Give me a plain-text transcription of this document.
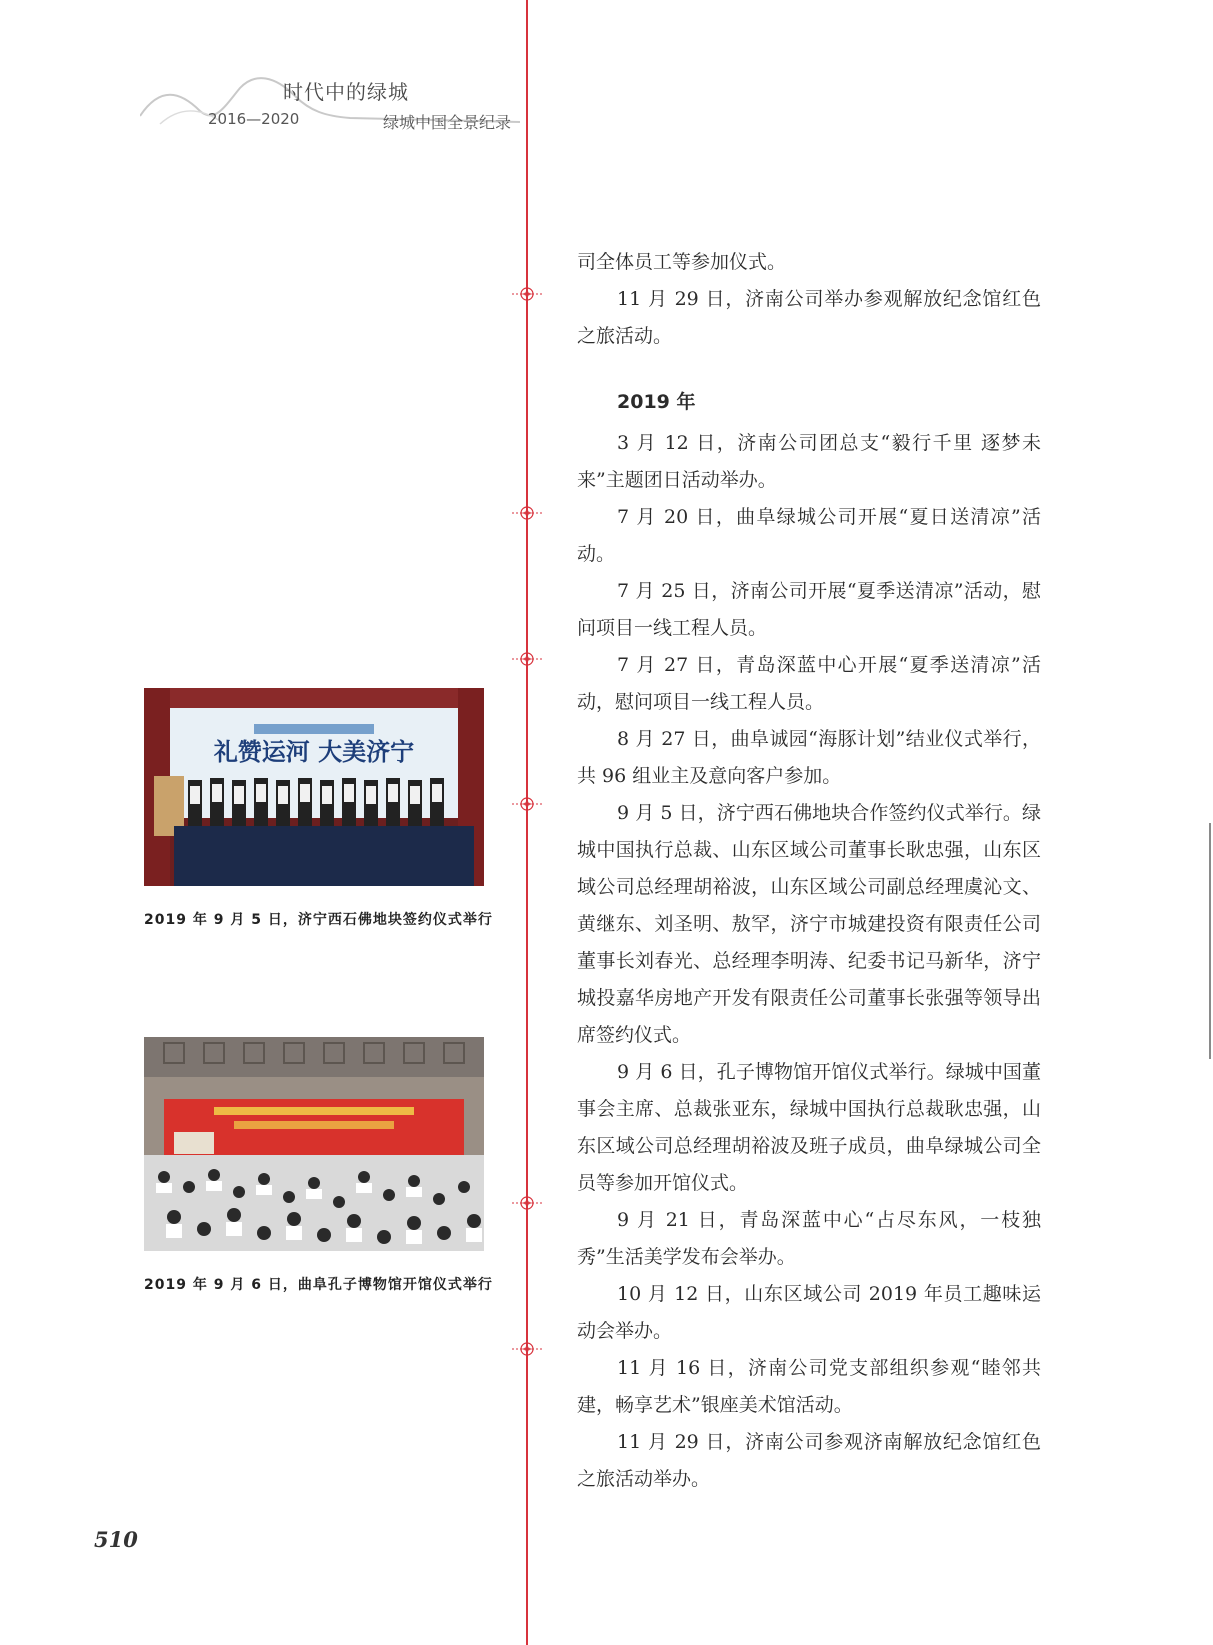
时代中的绿城
2016—2020	绿城中国全景纪录
礼赞运河 大美济宁
2019 年 9 月 5 日，济宁西石佛地块签约仪式举行
2019 年 9 月 6 日，曲阜孔子博物馆开馆仪式举行

司全体员工等参加仪式。

11 月 29 日，济南公司举办参观解放纪念馆红色之旅活动。

2019 年

3 月 12 日，济南公司团总支“毅行千里 逐梦未来”主题团日活动举办。

7 月 20 日，曲阜绿城公司开展“夏日送清凉”活动。

7 月 25 日，济南公司开展“夏季送清凉”活动，慰问项目一线工程人员。

7 月 27 日，青岛深蓝中心开展“夏季送清凉”活动，慰问项目一线工程人员。

8 月 27 日，曲阜诚园“海豚计划”结业仪式举行，共 96 组业主及意向客户参加。

9 月 5 日，济宁西石佛地块合作签约仪式举行。绿城中国执行总裁、山东区域公司董事长耿忠强，山东区域公司总经理胡裕波，山东区域公司副总经理虞沁文、黄继东、刘圣明、敖罕，济宁市城建投资有限责任公司董事长刘春光、总经理李明涛、纪委书记马新华，济宁城投嘉华房地产开发有限责任公司董事长张强等领导出席签约仪式。

9 月 6 日，孔子博物馆开馆仪式举行。绿城中国董事会主席、总裁张亚东，绿城中国执行总裁耿忠强，山东区域公司总经理胡裕波及班子成员，曲阜绿城公司全员等参加开馆仪式。

9 月 21 日，青岛深蓝中心“占尽东风，一枝独秀”生活美学发布会举办。

10 月 12 日，山东区域公司 2019 年员工趣味运动会举办。

11 月 16 日，济南公司党支部组织参观“睦邻共建，畅享艺术”银座美术馆活动。

11 月 29 日，济南公司参观济南解放纪念馆红色之旅活动举办。

510
